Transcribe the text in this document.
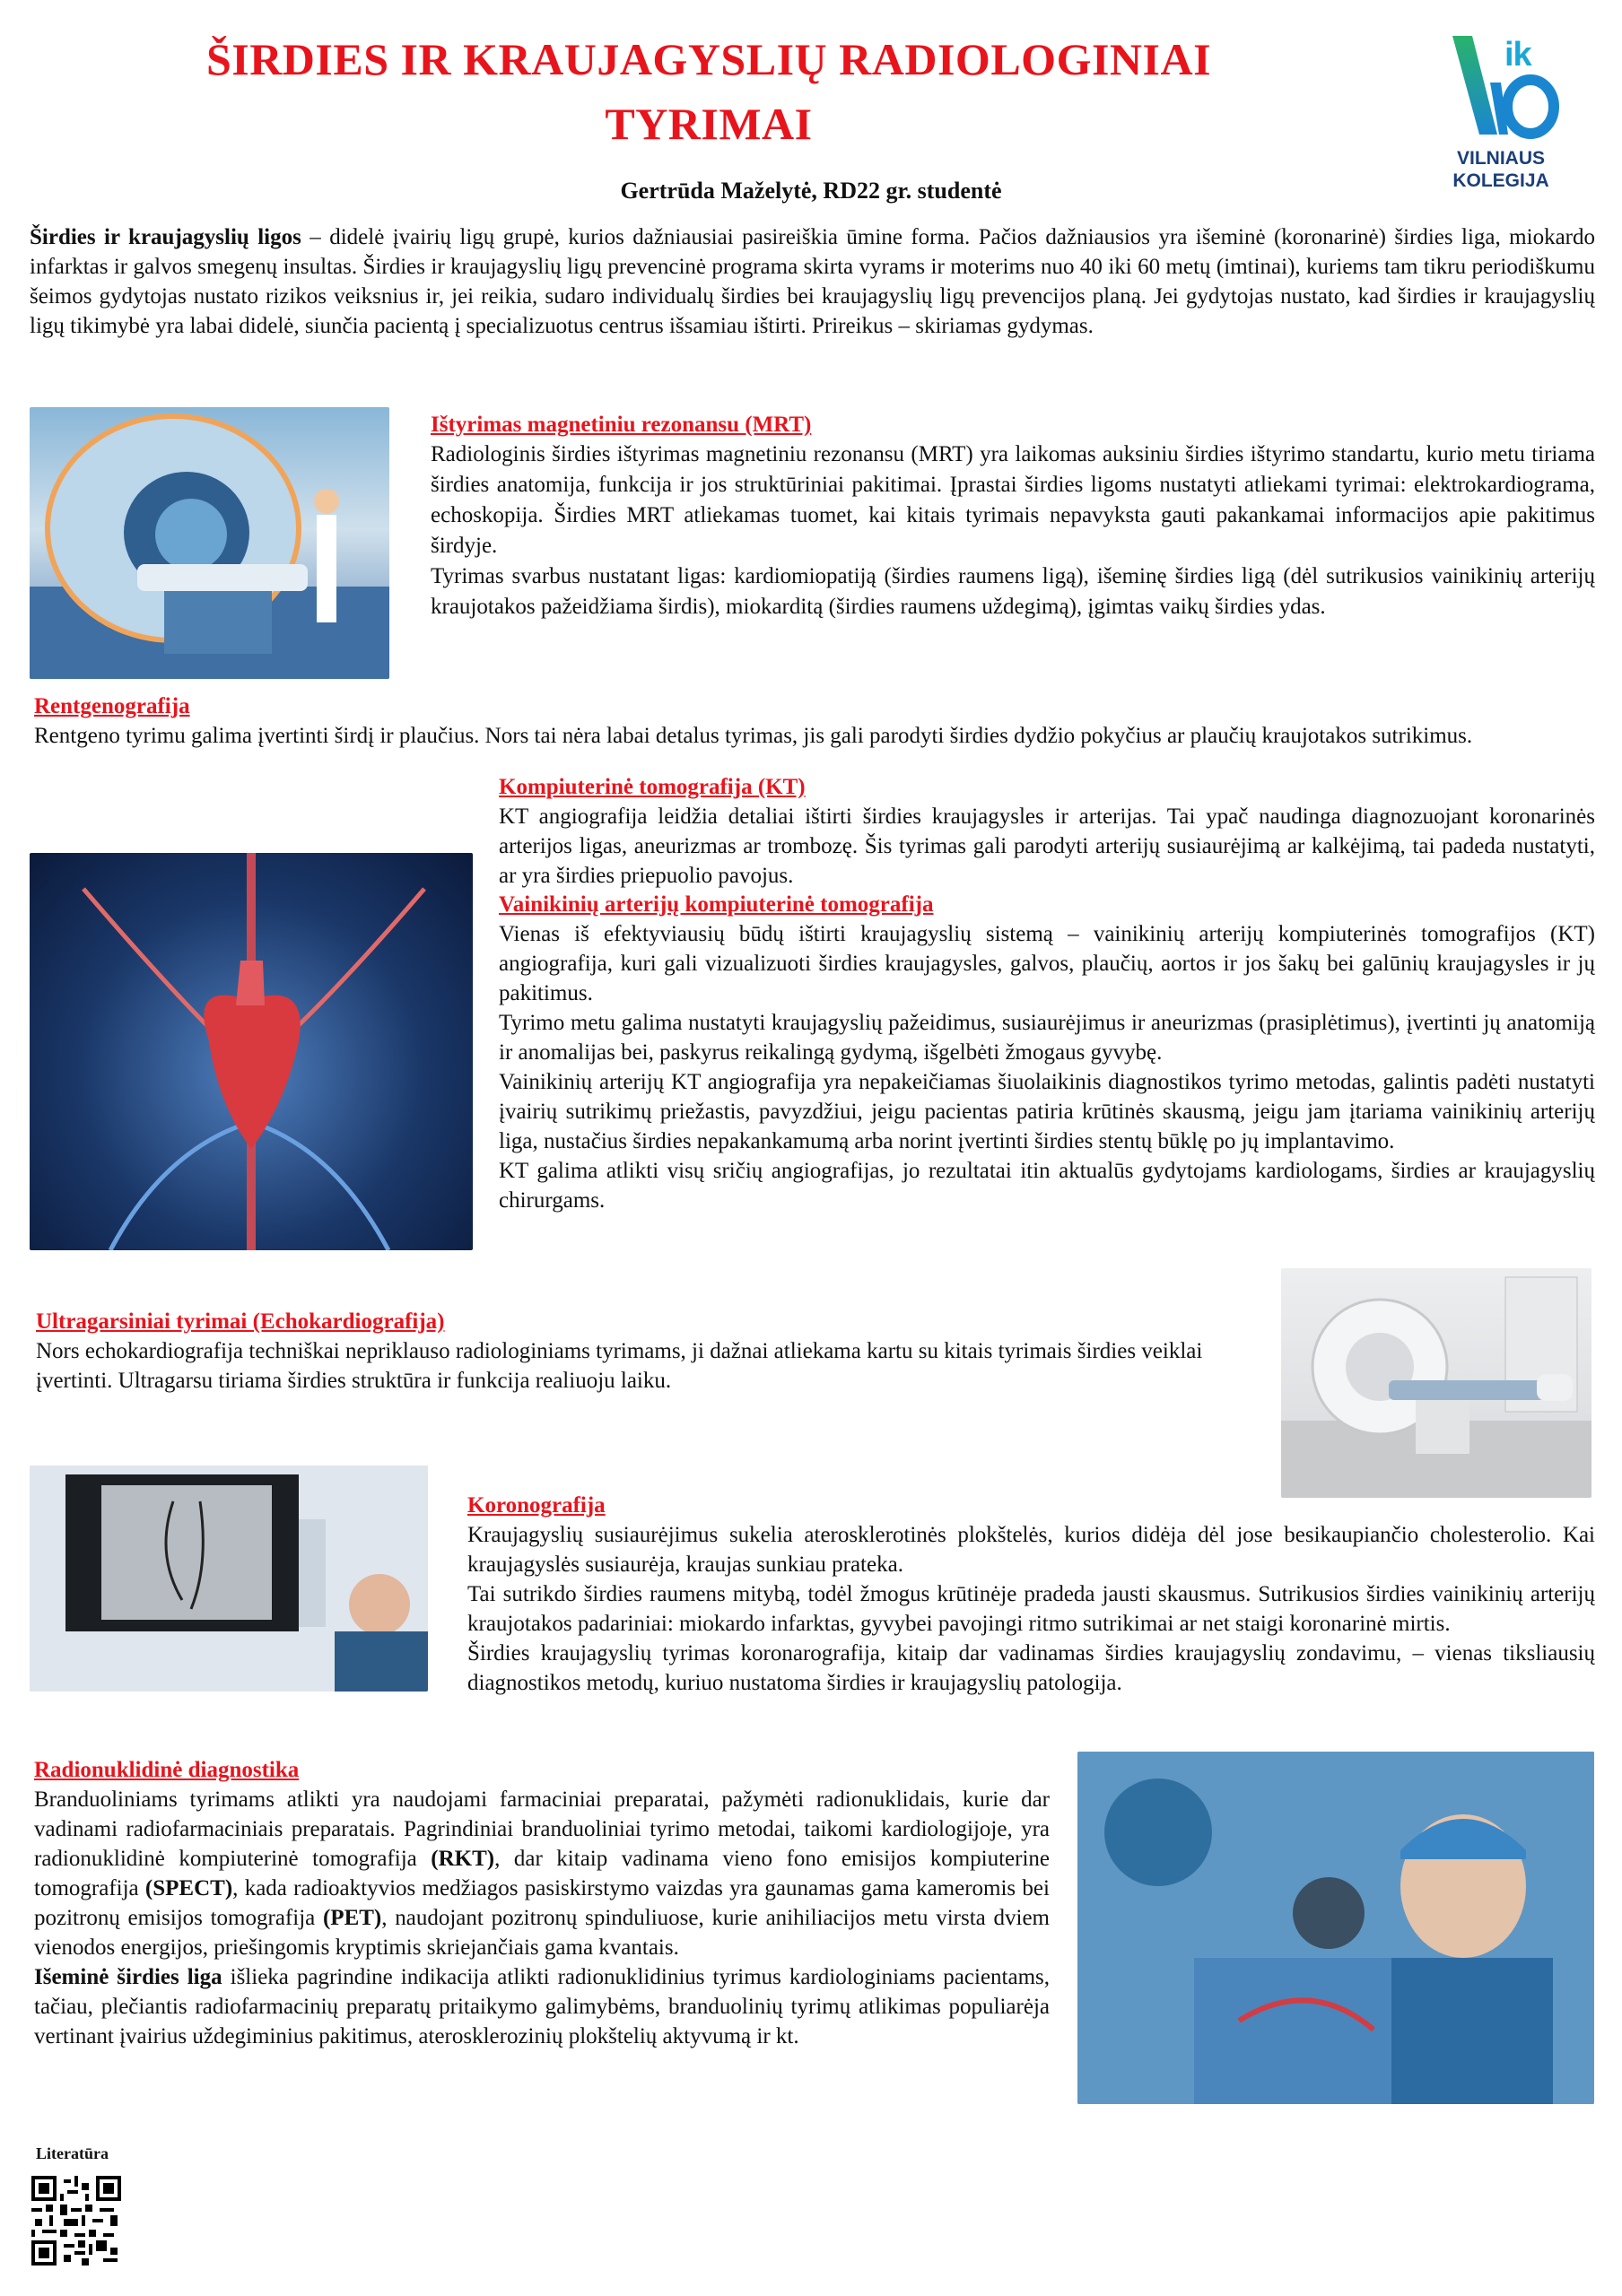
ŠIRDIES IR KRAUJAGYSLIŲ RADIOLOGINIAI
TYRIMAI
Gertrūda Maželytė, RD22 gr. studentė
ik
VILNIAUS
KOLEGIJA

Širdies ir kraujagyslių ligos – didelė įvairių ligų grupė, kurios dažniausiai pasireiškia ūmine forma. Pačios dažniausios yra išeminė (koronarinė) širdies liga, miokardo infarktas ir galvos smegenų insultas. Širdies ir kraujagyslių ligų prevencinė programa skirta vyrams ir moterims nuo 40 iki 60 metų (imtinai), kuriems tam tikru periodiškumu šeimos gydytojas nustato rizikos veiksnius ir, jei reikia, sudaro individualų širdies bei kraujagyslių ligų prevencijos planą. Jei gydytojas nustato, kad širdies ir kraujagyslių ligų tikimybė yra labai didelė, siunčia pacientą į specializuotus centrus išsamiau ištirti. Prireikus – skiriamas gydymas.

Ištyrimas magnetiniu rezonansu (MRT)

Radiologinis širdies ištyrimas magnetiniu rezonansu (MRT) yra laikomas auksiniu širdies ištyrimo standartu, kurio metu tiriama širdies anatomija, funkcija ir jos struktūriniai pakitimai. Įprastai širdies ligoms nustatyti atliekami tyrimai: elektrokardiograma, echoskopija. Širdies MRT atliekamas tuomet, kai kitais tyrimais nepavyksta gauti pakankamai informacijos apie pakitimus širdyje.

Tyrimas svarbus nustatant ligas: kardiomiopatiją (širdies raumens ligą), išeminę širdies ligą (dėl sutrikusios vainikinių arterijų kraujotakos pažeidžiama širdis), miokarditą (širdies raumens uždegimą), įgimtas vaikų širdies ydas.

Rentgenografija

Rentgeno tyrimu galima įvertinti širdį ir plaučius. Nors tai nėra labai detalus tyrimas, jis gali parodyti širdies dydžio pokyčius ar plaučių kraujotakos sutrikimus.

Kompiuterinė tomografija (KT)

KT angiografija leidžia detaliai ištirti širdies kraujagysles ir arterijas. Tai ypač naudinga diagnozuojant koronarinės arterijos ligas, aneurizmas ar trombozę. Šis tyrimas gali parodyti arterijų susiaurėjimą ar kalkėjimą, tai padeda nustatyti, ar yra širdies priepuolio pavojus.

Vainikinių arterijų kompiuterinė tomografija

Vienas iš efektyviausių būdų ištirti kraujagyslių sistemą – vainikinių arterijų kompiuterinės tomografijos (KT) angiografija, kuri gali vizualizuoti širdies kraujagysles, galvos, plaučių, aortos ir jos šakų bei galūnių kraujagysles ir jų pakitimus.

Tyrimo metu galima nustatyti kraujagyslių pažeidimus, susiaurėjimus ir aneurizmas (prasiplėtimus), įvertinti jų anatomiją ir anomalijas bei, paskyrus reikalingą gydymą, išgelbėti žmogaus gyvybę.

Vainikinių arterijų KT angiografija yra nepakeičiamas šiuolaikinis diagnostikos tyrimo metodas, galintis padėti nustatyti įvairių sutrikimų priežastis, pavyzdžiui, jeigu pacientas patiria krūtinės skausmą, jeigu jam įtariama vainikinių arterijų liga, nustačius širdies nepakankamumą arba norint įvertinti širdies stentų būklę po jų implantavimo.

KT galima atlikti visų sričių angiografijas, jo rezultatai itin aktualūs gydytojams kardiologams, širdies ar kraujagyslių chirurgams.

Ultragarsiniai tyrimai (Echokardiografija)

Nors echokardiografija techniškai nepriklauso radiologiniams tyrimams, ji dažnai atliekama kartu su kitais tyrimais širdies veiklai įvertinti. Ultragarsu tiriama širdies struktūra ir funkcija realiuoju laiku.

Koronografija

Kraujagyslių susiaurėjimus sukelia aterosklerotinės plokštelės, kurios didėja dėl jose besikaupiančio cholesterolio. Kai kraujagyslės susiaurėja, kraujas sunkiau prateka.

Tai sutrikdo širdies raumens mitybą, todėl žmogus krūtinėje pradeda jausti skausmus. Sutrikusios širdies vainikinių arterijų kraujotakos padariniai: miokardo infarktas, gyvybei pavojingi ritmo sutrikimai ar net staigi koronarinė mirtis.

Širdies kraujagyslių tyrimas koronarografija, kitaip dar vadinamas širdies kraujagyslių zondavimu, – vienas tiksliausių diagnostikos metodų, kuriuo nustatoma širdies ir kraujagyslių patologija.

Radionuklidinė diagnostika

Branduoliniams tyrimams atlikti yra naudojami farmaciniai preparatai, pažymėti radionuklidais, kurie dar vadinami radiofarmaciniais preparatais. Pagrindiniai branduoliniai tyrimo metodai, taikomi kardiologijoje, yra radionuklidinė kompiuterinė tomografija (RKT), dar kitaip vadinama vieno fono emisijos kompiuterine tomografija (SPECT), kada radioaktyvios medžiagos pasiskirstymo vaizdas yra gaunamas gama kameromis bei pozitronų emisijos tomografija (PET), naudojant pozitronų spinduliuose, kurie anihiliacijos metu virsta dviem vienodos energijos, priešingomis kryptimis skriejančiais gama kvantais.

Išeminė širdies liga išlieka pagrindine indikacija atlikti radionuklidinius tyrimus kardiologiniams pacientams, tačiau, plečiantis radiofarmacinių preparatų pritaikymo galimybėms, branduolinių tyrimų atlikimas populiarėja vertinant įvairius uždegiminius pakitimus, aterosklerozinių plokštelių aktyvumą ir kt.

Literatūra
